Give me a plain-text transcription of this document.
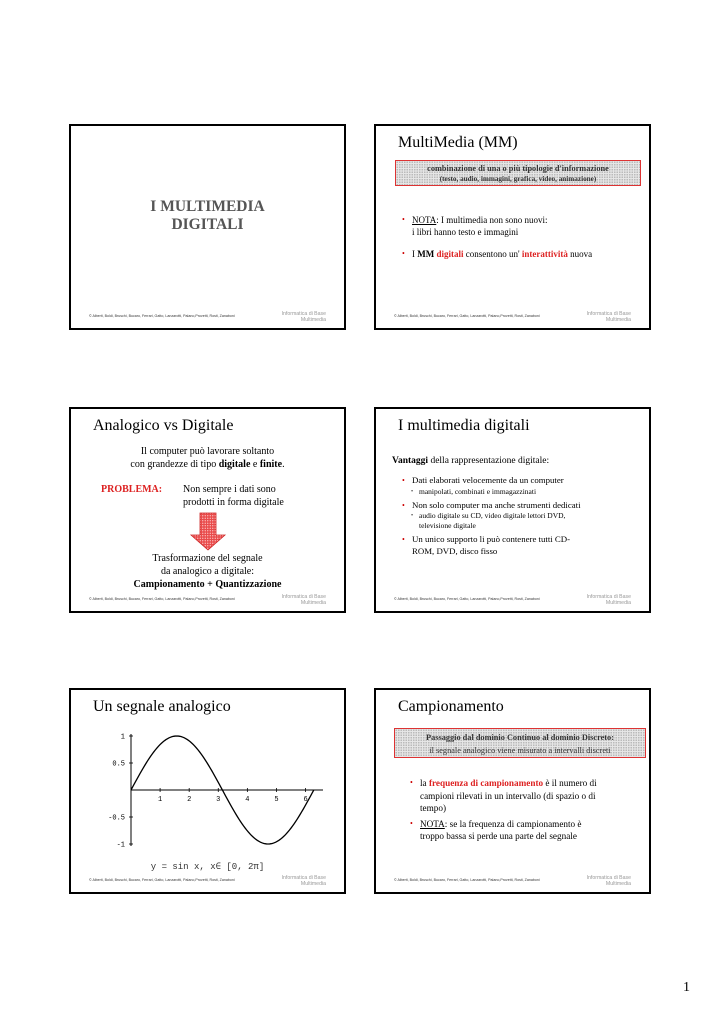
I MULTIMEDIA
DIGITALI
© Alberti, Boldi, Bruschi, Bucaro, Ferrari, Gatto, Lanzarotti, Palano,Provetti, Rosti, Zanaboni	Informatica di Base
Multimedia
MultiMedia (MM)
combinazione di una o più tipologie d'informazione
(testo, audio, immagini, grafica, video, animazione)
• NOTA: I multimedia non sono nuovi:
i libri hanno testo e immagini
• I MM digitali consentono un' interattività nuova
© Alberti, Boldi, Bruschi, Bucaro, Ferrari, Gatto, Lanzarotti, Palano,Provetti, Rosti, Zanaboni	Informatica di Base
Multimedia
Analogico vs Digitale
Il computer può lavorare soltanto
con grandezze di tipo digitale e finite.
PROBLEMA: Non sempre i dati sono
prodotti in forma digitale
Trasformazione del segnale
da analogico a digitale:
Campionamento + Quantizzazione
© Alberti, Boldi, Bruschi, Bucaro, Ferrari, Gatto, Lanzarotti, Palano,Provetti, Rosti, Zanaboni	Informatica di Base
Multimedia
I multimedia digitali
Vantaggi della rappresentazione digitale:
• Dati elaborati velocemente da un computer
• manipolati, combinati e immagazzinati
• Non solo computer ma anche strumenti dedicati
• audio digitale su CD, video digitale lettori DVD,
televisione digitale
• Un unico supporto li può contenere tutti CD-
ROM, DVD, disco fisso
© Alberti, Boldi, Bruschi, Bucaro, Ferrari, Gatto, Lanzarotti, Palano,Provetti, Rosti, Zanaboni	Informatica di Base
Multimedia
Un segnale analogico
1	2	3	4	5	6
1
0.5
-0.5
-1
y = sin x, x∈ [0, 2π]
© Alberti, Boldi, Bruschi, Bucaro, Ferrari, Gatto, Lanzarotti, Palano,Provetti, Rosti, Zanaboni	Informatica di Base
Multimedia
Campionamento
Passaggio dal dominio Continuo al dominio Discreto:
il segnale analogico viene misurato a intervalli discreti
• la frequenza di campionamento è il numero di
campioni rilevati in un intervallo (di spazio o di
tempo)
• NOTA: se la frequenza di campionamento è
troppo bassa si perde una parte del segnale
© Alberti, Boldi, Bruschi, Bucaro, Ferrari, Gatto, Lanzarotti, Palano,Provetti, Rosti, Zanaboni	Informatica di Base
Multimedia
1
